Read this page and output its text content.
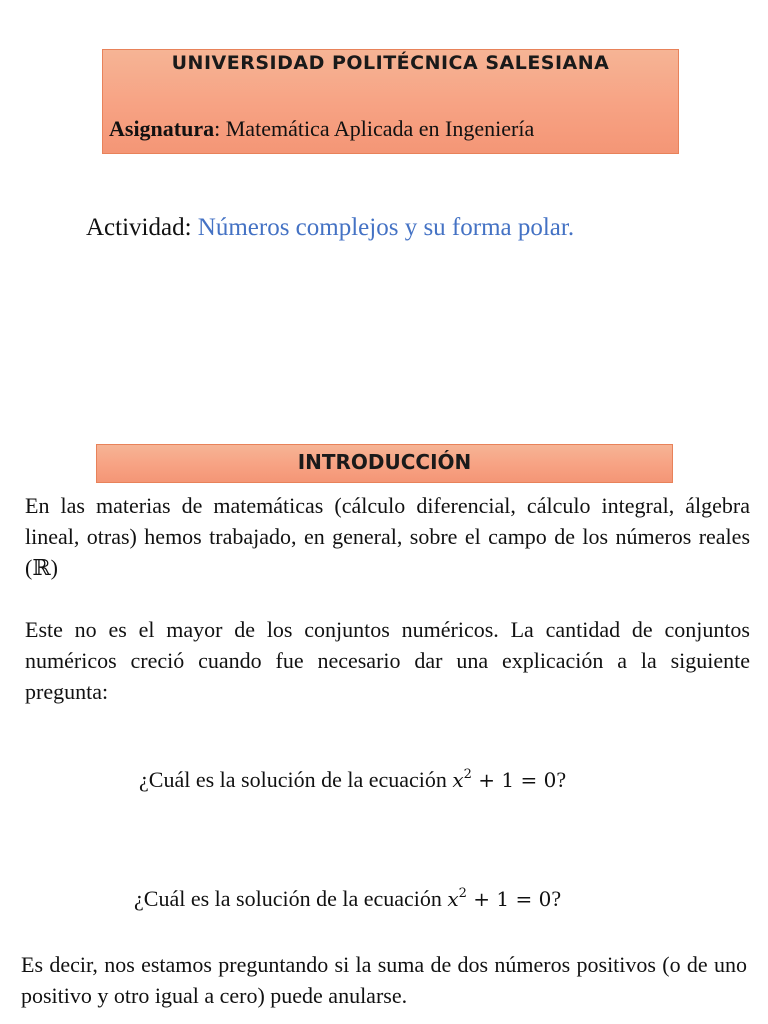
UNIVERSIDAD POLITÉCNICA SALESIANA
Asignatura: Matemática Aplicada en Ingeniería
Actividad: Números complejos y su forma polar.
INTRODUCCIÓN

En las materias de matemáticas (cálculo diferencial, cálculo integral, álgebra lineal, otras) hemos trabajado, en general, sobre el campo de los números reales (ℝ)

Este no es el mayor de los conjuntos numéricos. La cantidad de conjuntos numéricos creció cuando fue necesario dar una explicación a la siguiente pregunta:

¿Cuál es la solución de la ecuación $x^2 + 1 = 0$?
¿Cuál es la solución de la ecuación $x^2 + 1 = 0$?

Es decir, nos estamos preguntando si la suma de dos números positivos (o de uno positivo y otro igual a cero) puede anularse.
